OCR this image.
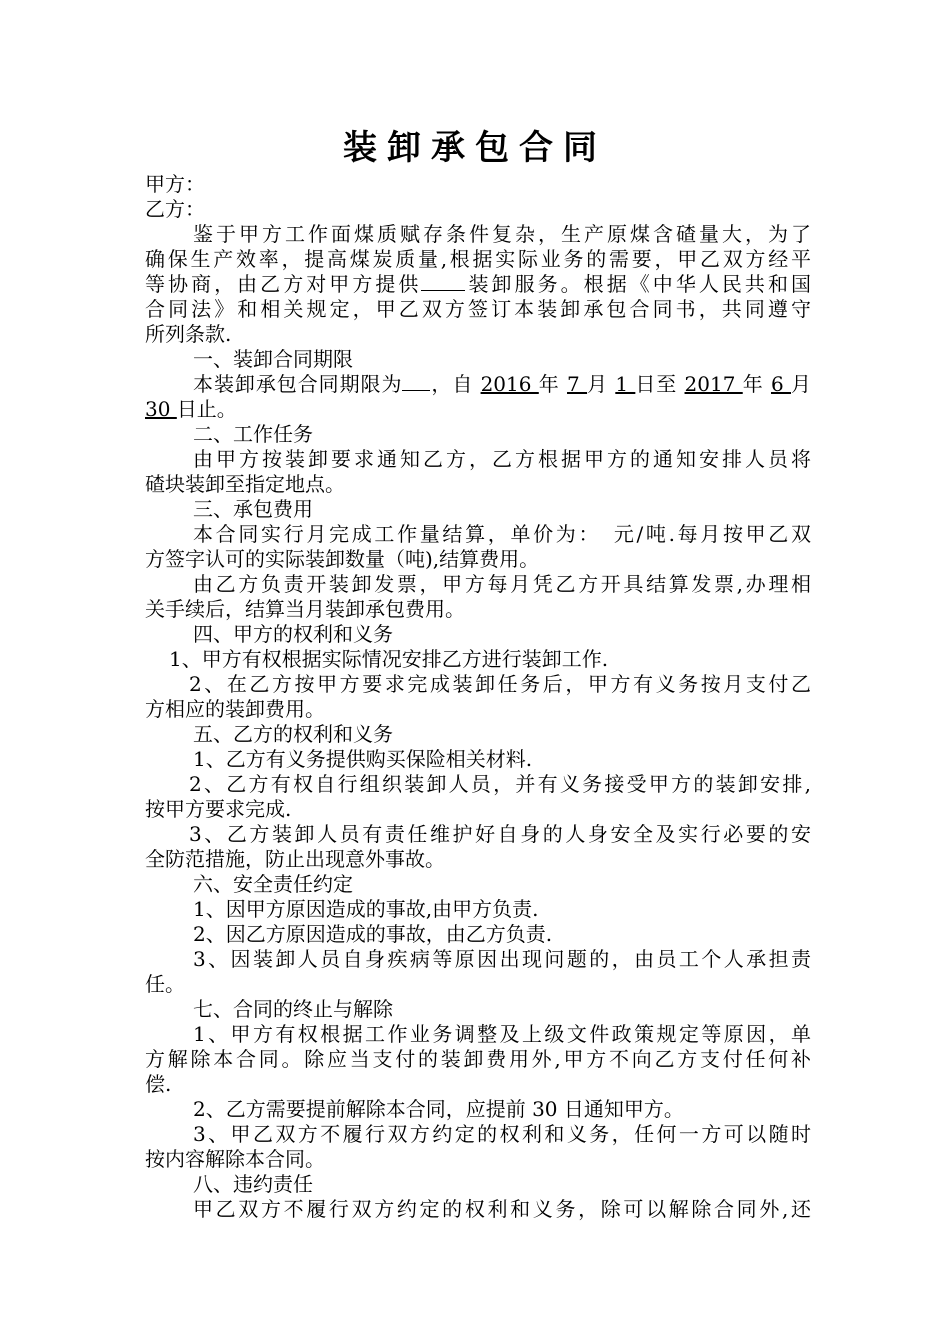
装卸承包合同
甲方：
乙方：
鉴于甲方工作面煤质赋存条件复杂，生产原煤含碴量大，为了
确保生产效率，提高煤炭质量,根据实际业务的需要，甲乙双方经平
等协商，由乙方对甲方提供 装卸服务。根据《中华人民共和国
合同法》和相关规定，甲乙双方签订本装卸承包合同书，共同遵守
所列条款.
一、装卸合同期限
本装卸承包合同期限为 ，自 2016 年 7 月 1 日至 2017 年 6 月
30 日止。
二、工作任务
由甲方按装卸要求通知乙方，乙方根据甲方的通知安排人员将
碴块装卸至指定地点。
三、承包费用
本合同实行月完成工作量结算，单价为：　元/吨.每月按甲乙双
方签字认可的实际装卸数量（吨),结算费用。
由乙方负责开装卸发票，甲方每月凭乙方开具结算发票,办理相
关手续后，结算当月装卸承包费用。
四、甲方的权利和义务
1、甲方有权根据实际情况安排乙方进行装卸工作.
2、在乙方按甲方要求完成装卸任务后，甲方有义务按月支付乙
方相应的装卸费用。
五、乙方的权利和义务
1、乙方有义务提供购买保险相关材料.
2、乙方有权自行组织装卸人员，并有义务接受甲方的装卸安排,
按甲方要求完成.
3、乙方装卸人员有责任维护好自身的人身安全及实行必要的安
全防范措施，防止出现意外事故。
六、安全责任约定
1、因甲方原因造成的事故,由甲方负责.
2、因乙方原因造成的事故，由乙方负责.
3、因装卸人员自身疾病等原因出现问题的，由员工个人承担责
任。
七、合同的终止与解除
1、甲方有权根据工作业务调整及上级文件政策规定等原因，单
方解除本合同。除应当支付的装卸费用外,甲方不向乙方支付任何补
偿.
2、乙方需要提前解除本合同，应提前 30 日通知甲方。
3、甲乙双方不履行双方约定的权利和义务，任何一方可以随时
按内容解除本合同。
八、违约责任
甲乙双方不履行双方约定的权利和义务，除可以解除合同外,还
